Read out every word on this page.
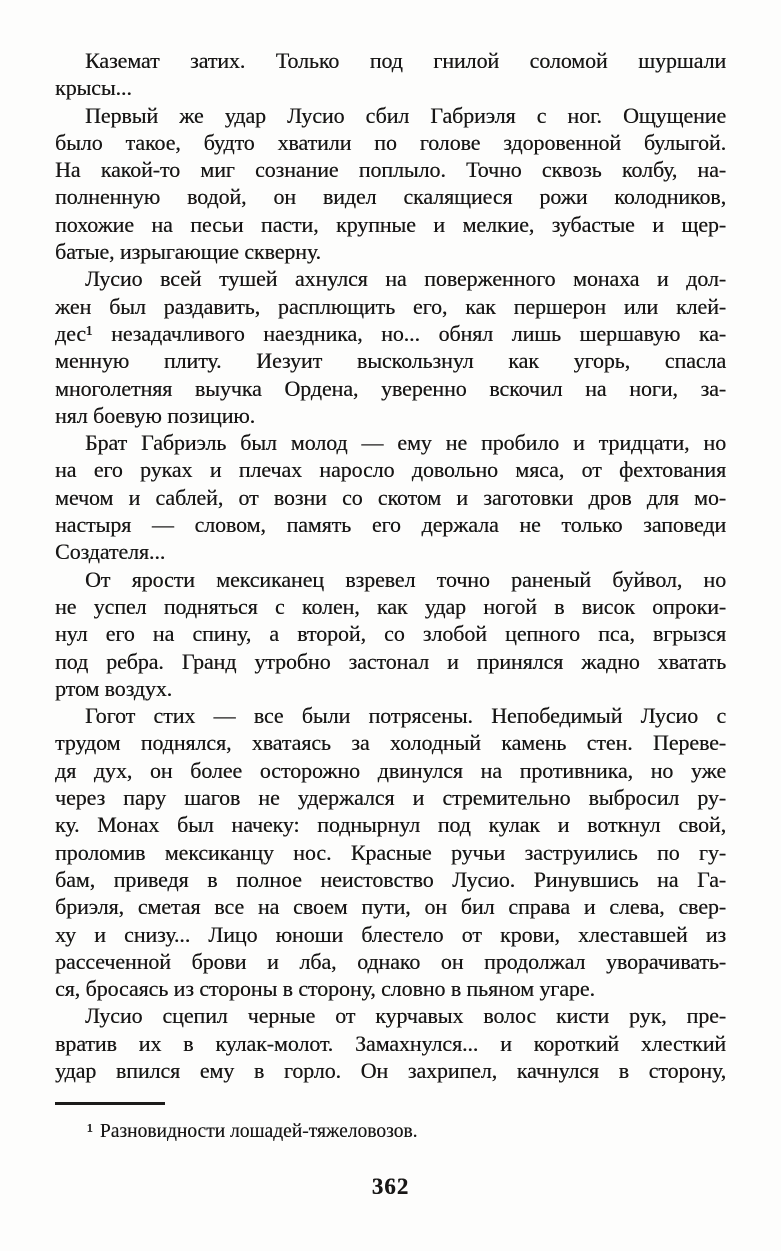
Каземат затих. Только под гнилой соломой шуршали
крысы...
Первый же удар Лусио сбил Габриэля с ног. Ощущение
было такое, будто хватили по голове здоровенной булыгой.
На какой-то миг сознание поплыло. Точно сквозь колбу, на-
полненную водой, он видел скалящиеся рожи колодников,
похожие на песьи пасти, крупные и мелкие, зубастые и щер-
батые, изрыгающие скверну.
Лусио всей тушей ахнулся на поверженного монаха и дол-
жен был раздавить, расплющить его, как першерон или клей-
дес¹ незадачливого наездника, но... обнял лишь шершавую ка-
менную плиту. Иезуит выскользнул как угорь, спасла
многолетняя выучка Ордена, уверенно вскочил на ноги, за-
нял боевую позицию.
Брат Габриэль был молод — ему не пробило и тридцати, но
на его руках и плечах наросло довольно мяса, от фехтования
мечом и саблей, от возни со скотом и заготовки дров для мо-
настыря — словом, память его держала не только заповеди
Создателя...
От ярости мексиканец взревел точно раненый буйвол, но
не успел подняться с колен, как удар ногой в висок опроки-
нул его на спину, а второй, со злобой цепного пса, вгрызся
под ребра. Гранд утробно застонал и принялся жадно хватать
ртом воздух.
Гогот стих — все были потрясены. Непобедимый Лусио с
трудом поднялся, хватаясь за холодный камень стен. Переве-
дя дух, он более осторожно двинулся на противника, но уже
через пару шагов не удержался и стремительно выбросил ру-
ку. Монах был начеку: поднырнул под кулак и воткнул свой,
проломив мексиканцу нос. Красные ручьи заструились по гу-
бам, приведя в полное неистовство Лусио. Ринувшись на Га-
бриэля, сметая все на своем пути, он бил справа и слева, свер-
ху и снизу... Лицо юноши блестело от крови, хлеставшей из
рассеченной брови и лба, однако он продолжал уворачивать-
ся, бросаясь из стороны в сторону, словно в пьяном угаре.
Лусио сцепил черные от курчавых волос кисти рук, пре-
вратив их в кулак-молот. Замахнулся... и короткий хлесткий
удар впился ему в горло. Он захрипел, качнулся в сторону,
¹ Разновидности лошадей-тяжеловозов.
362
